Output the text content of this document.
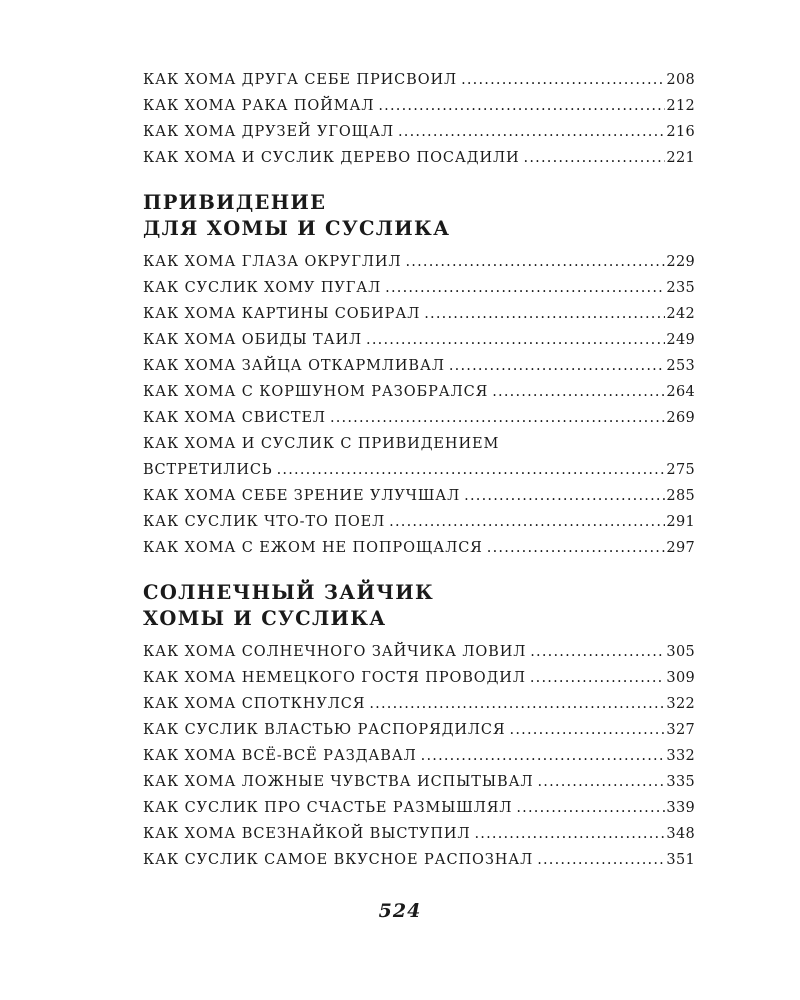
КАК ХОМА ДРУГА СЕБЕ ПРИСВОИЛ .....	208
КАК ХОМА РАКА ПОЙМАЛ .....	212
КАК ХОМА ДРУЗЕЙ УГОЩАЛ .....	216
КАК ХОМА И СУСЛИК ДЕРЕВО ПОСАДИЛИ .....	221
ПРИВИДЕНИЕ
ДЛЯ ХОМЫ И СУСЛИКА
КАК ХОМА ГЛАЗА ОКРУГЛИЛ .....	229
КАК СУСЛИК ХОМУ ПУГАЛ .....	235
КАК ХОМА КАРТИНЫ СОБИРАЛ .....	242
КАК ХОМА ОБИДЫ ТАИЛ .....	249
КАК ХОМА ЗАЙЦА ОТКАРМЛИВАЛ .....	253
КАК ХОМА С КОРШУНОМ РАЗОБРАЛСЯ .....	264
КАК ХОМА СВИСТЕЛ .....	269
КАК ХОМА И СУСЛИК С ПРИВИДЕНИЕМ
ВСТРЕТИЛИСЬ .....	275
КАК ХОМА СЕБЕ ЗРЕНИЕ УЛУЧШАЛ .....	285
КАК СУСЛИК ЧТО-ТО ПОЕЛ .....	291
КАК ХОМА С ЕЖОМ НЕ ПОПРОЩАЛСЯ .....	297
СОЛНЕЧНЫЙ ЗАЙЧИК
ХОМЫ И СУСЛИКА
КАК ХОМА СОЛНЕЧНОГО ЗАЙЧИКА ЛОВИЛ .....	305
КАК ХОМА НЕМЕЦКОГО ГОСТЯ ПРОВОДИЛ .....	309
КАК ХОМА СПОТКНУЛСЯ .....	322
КАК СУСЛИК ВЛАСТЬЮ РАСПОРЯДИЛСЯ .....	327
КАК ХОМА ВСЁ-ВСЁ РАЗДАВАЛ .....	332
КАК ХОМА ЛОЖНЫЕ ЧУВСТВА ИСПЫТЫВАЛ .....	335
КАК СУСЛИК ПРО СЧАСТЬЕ РАЗМЫШЛЯЛ .....	339
КАК ХОМА ВСЕЗНАЙКОЙ ВЫСТУПИЛ .....	348
КАК СУСЛИК САМОЕ ВКУСНОЕ РАСПОЗНАЛ .....	351
524
